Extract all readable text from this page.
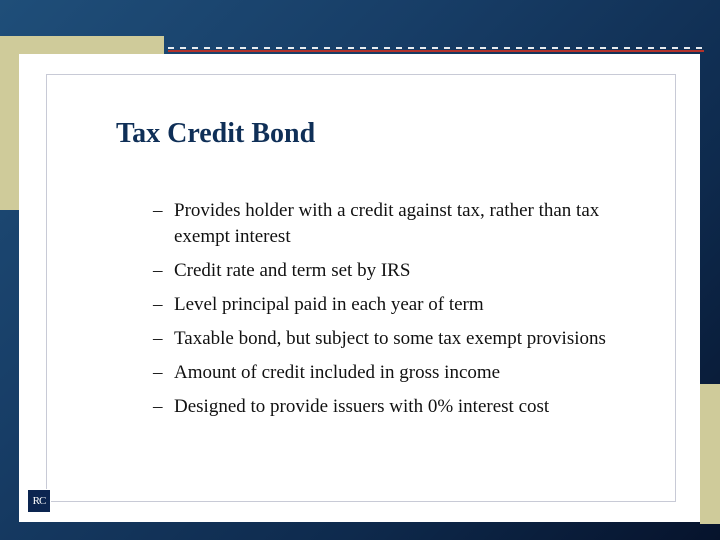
Tax Credit Bond
– Provides holder with a credit against tax, rather than tax exempt interest
– Credit rate and term set by IRS
– Level principal paid in each year of term
– Taxable bond, but subject to some tax exempt provisions
– Amount of credit included in gross income
– Designed to provide issuers with 0% interest cost
RC
